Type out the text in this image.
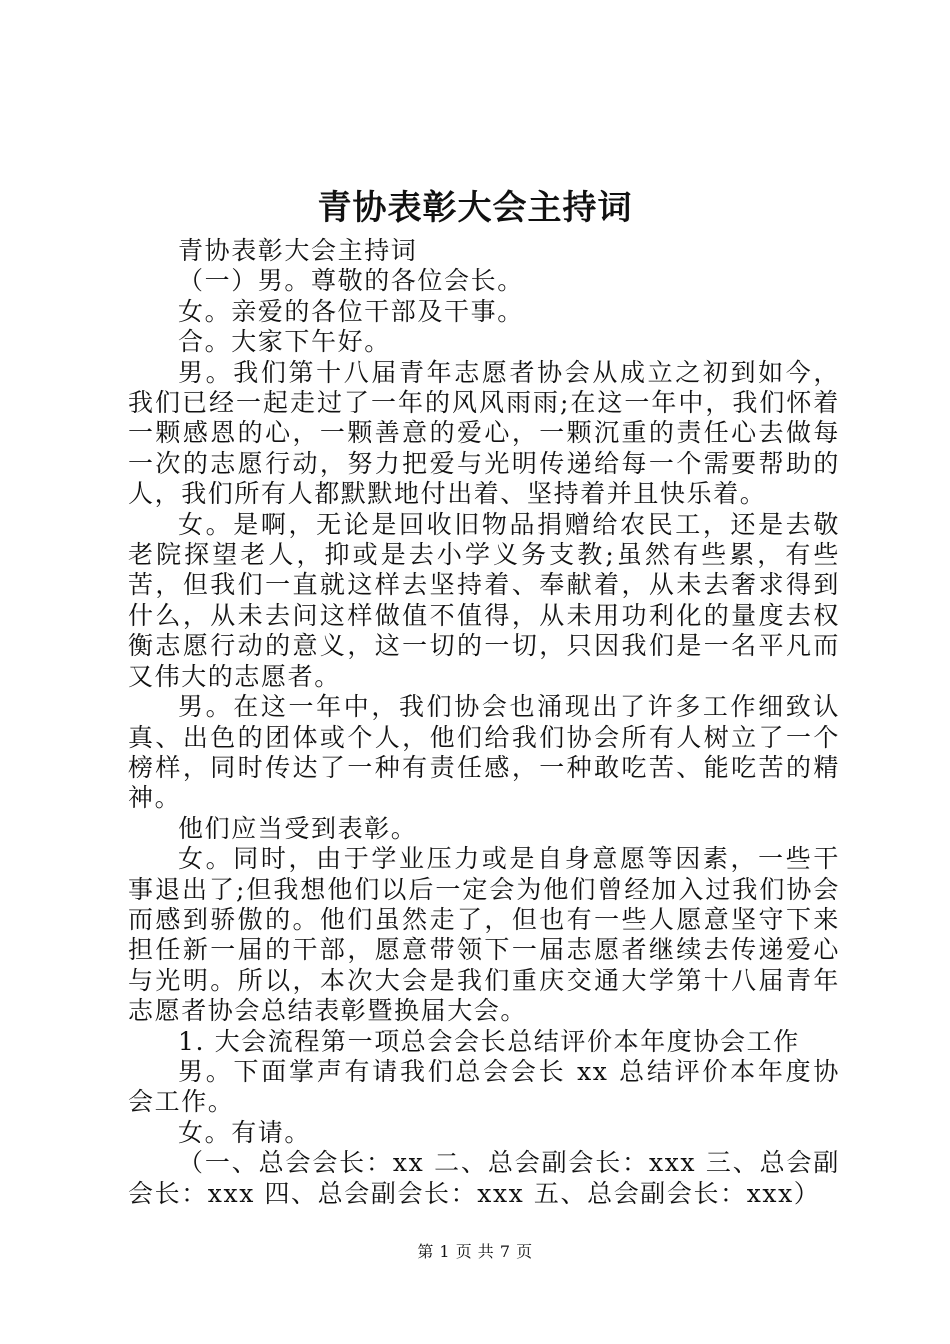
青协表彰大会主持词

青协表彰大会主持词

（一）男。尊敬的各位会长。

女。亲爱的各位干部及干事。

合。大家下午好。

男。我们第十八届青年志愿者协会从成立之初到如今，我们已经一起走过了一年的风风雨雨;在这一年中，我们怀着一颗感恩的心，一颗善意的爱心，一颗沉重的责任心去做每一次的志愿行动，努力把爱与光明传递给每一个需要帮助的人，我们所有人都默默地付出着、坚持着并且快乐着。

女。是啊，无论是回收旧物品捐赠给农民工，还是去敬老院探望老人，抑或是去小学义务支教;虽然有些累，有些苦，但我们一直就这样去坚持着、奉献着，从未去奢求得到什么，从未去问这样做值不值得，从未用功利化的量度去权衡志愿行动的意义，这一切的一切，只因我们是一名平凡而又伟大的志愿者。

男。在这一年中，我们协会也涌现出了许多工作细致认真、出色的团体或个人，他们给我们协会所有人树立了一个榜样，同时传达了一种有责任感，一种敢吃苦、能吃苦的精神。

他们应当受到表彰。

女。同时，由于学业压力或是自身意愿等因素，一些干事退出了;但我想他们以后一定会为他们曾经加入过我们协会而感到骄傲的。他们虽然走了，但也有一些人愿意坚守下来担任新一届的干部，愿意带领下一届志愿者继续去传递爱心与光明。所以，本次大会是我们重庆交通大学第十八届青年志愿者协会总结表彰暨换届大会。

1. 大会流程第一项总会会长总结评价本年度协会工作

男。下面掌声有请我们总会会长 xx 总结评价本年度协会工作。

女。有请。

（一、总会会长：xx 二、总会副会长：xxx 三、总会副会长：xxx 四、总会副会长：xxx 五、总会副会长：xxx）

第 1 页 共 7 页
